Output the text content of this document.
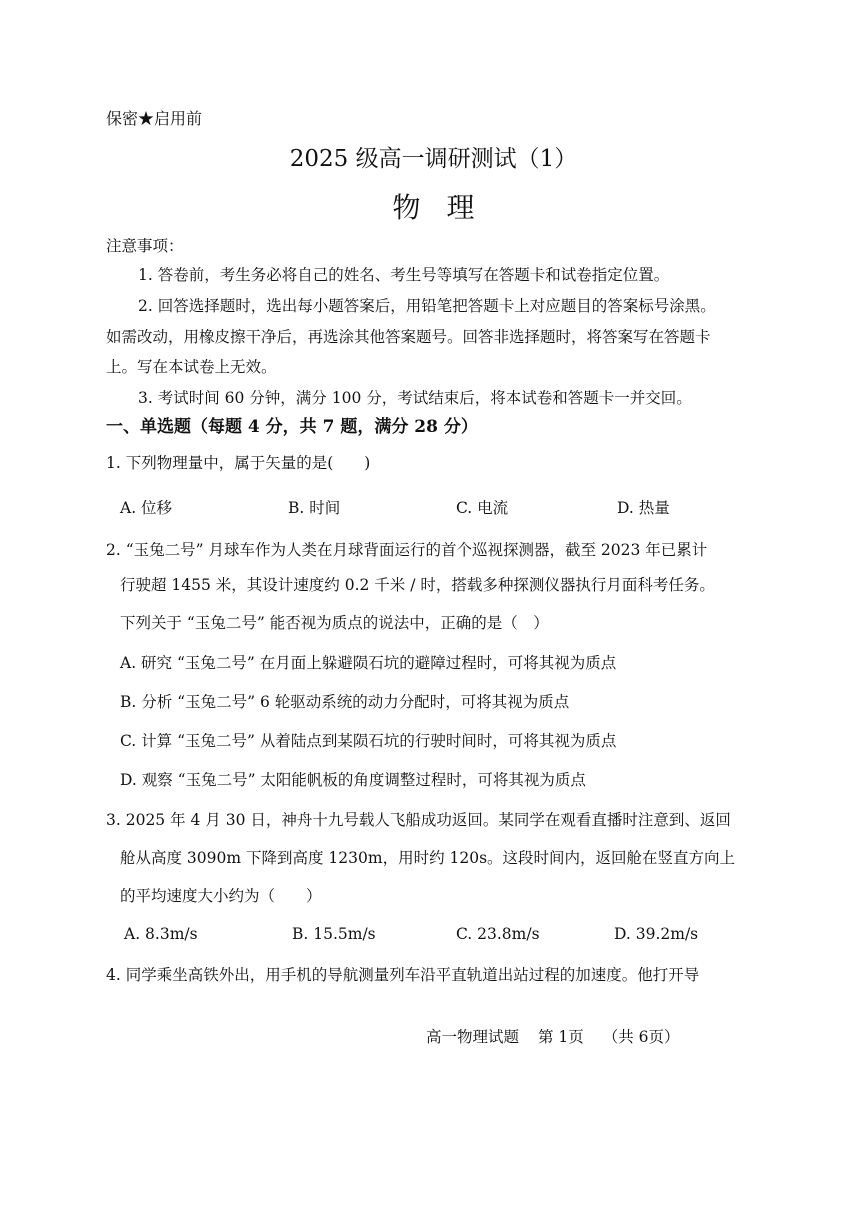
保密★启用前
2025 级高一调研测试（1）
物理
注意事项：
1. 答卷前，考生务必将自己的姓名、考生号等填写在答题卡和试卷指定位置。
2. 回答选择题时，选出每小题答案后，用铅笔把答题卡上对应题目的答案标号涂黑。
如需改动，用橡皮擦干净后，再选涂其他答案题号。回答非选择题时，将答案写在答题卡
上。写在本试卷上无效。
3. 考试时间 60 分钟，满分 100 分，考试结束后，将本试卷和答题卡一并交回。
一、单选题（每题 4 分，共 7 题，满分 28 分）
1. 下列物理量中，属于矢量的是(　　)
A. 位移	B. 时间	C. 电流	D. 热量
2. “玉兔二号” 月球车作为人类在月球背面运行的首个巡视探测器，截至 2023 年已累计
行驶超 1455 米，其设计速度约 0.2 千米 / 时，搭载多种探测仪器执行月面科考任务。
下列关于 “玉兔二号” 能否视为质点的说法中，正确的是（　）
A. 研究 “玉兔二号” 在月面上躲避陨石坑的避障过程时，可将其视为质点
B. 分析 “玉兔二号” 6 轮驱动系统的动力分配时，可将其视为质点
C. 计算 “玉兔二号” 从着陆点到某陨石坑的行驶时间时，可将其视为质点
D. 观察 “玉兔二号” 太阳能帆板的角度调整过程时，可将其视为质点
3. 2025 年 4 月 30 日，神舟十九号载人飞船成功返回。某同学在观看直播时注意到、返回
舱从高度 3090m 下降到高度 1230m，用时约 120s。这段时间内，返回舱在竖直方向上
的平均速度大小约为（　　）
A. 8.3m/s	B. 15.5m/s	C. 23.8m/s	D. 39.2m/s
4. 同学乘坐高铁外出，用手机的导航测量列车沿平直轨道出站过程的加速度。他打开导
高一物理试题 第 1页 （共 6页）
